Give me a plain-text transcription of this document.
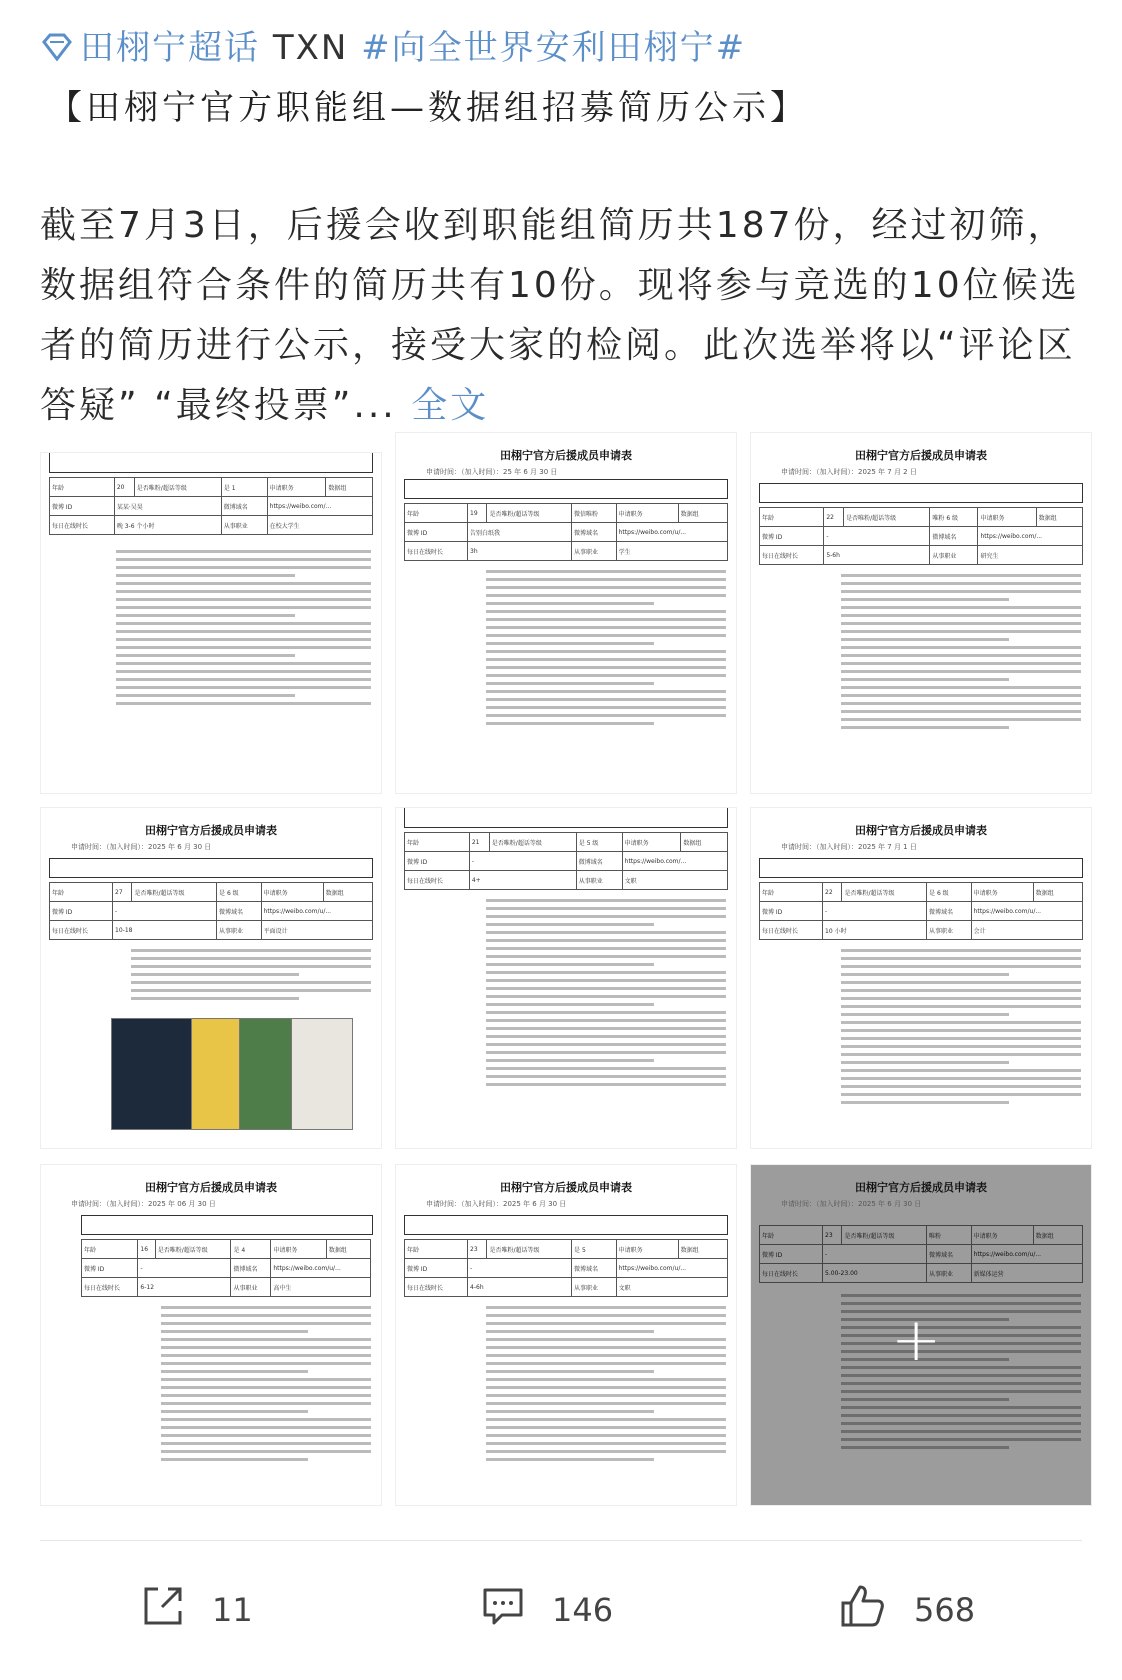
田栩宁超话 TXN #向全世界安利田栩宁#
【田栩宁官方职能组—数据组招募简历公示】
截至7月3日，后援会收到职能组简历共187份，经过初筛，数据组符合条件的简历共有10份。现将参与竞选的10位候选者的简历进行公示，接受大家的检阅。此次选举将以“评论区答疑” “最终投票”... 全文
年龄	20	是否唯粉/超话等级	是 1	申请职务	数据组
微博 ID	某某·吴昊		微博域名	https://weibo.com/...	
每日在线时长	晚 3-6 个小时		从事职业	在校大学生	
田栩宁官方后援成员申请表
申请时间：（加入时间）：25 年 6 月 30 日
年龄	19	是否唯粉/超话等级	微信唯粉	申请职务	数据组
微博 ID	告别白纸我		微博域名	https://weibo.com/u/...	
每日在线时长	3h		从事职业	学生	
田栩宁官方后援成员申请表
申请时间：（加入时间）：2025 年 7 月 2 日
年龄	22	是否唯粉/超话等级	唯粉 6 级	申请职务	数据组
微博 ID	-		微博域名	https://weibo.com/...	
每日在线时长	5-6h		从事职业	研究生	
田栩宁官方后援成员申请表
申请时间：（加入时间）：2025 年 6 月 30 日
年龄	27	是否唯粉/超话等级	是 6 级	申请职务	数据组
微博 ID	-		微博域名	https://weibo.com/u/...	
每日在线时长	10-18		从事职业	平面设计	
年龄	21	是否唯粉/超话等级	是 5 级	申请职务	数据组
微博 ID	-		微博域名	https://weibo.com/...	
每日在线时长	4+		从事职业	文职	
田栩宁官方后援成员申请表
申请时间：（加入时间）：2025 年 7 月 1 日
年龄	22	是否唯粉/超话等级	是 6 级	申请职务	数据组
微博 ID	-		微博域名	https://weibo.com/u/...	
每日在线时长	10 小时		从事职业	会计	
田栩宁官方后援成员申请表
申请时间：（加入时间）：2025 年 06 月 30 日
年龄	16	是否唯粉/超话等级	是 4	申请职务	数据组
微博 ID	-		微博域名	https://weibo.com/u/...	
每日在线时长	6-12		从事职业	高中生	
田栩宁官方后援成员申请表
申请时间：（加入时间）：2025 年 6 月 30 日
年龄	23	是否唯粉/超话等级	是 5	申请职务	数据组
微博 ID	-		微博域名	https://weibo.com/u/...	
每日在线时长	4-6h		从事职业	文职	
田栩宁官方后援成员申请表
申请时间：（加入时间）：2025 年 6 月 30 日
年龄	23	是否唯粉/超话等级	唯粉	申请职务	数据组
微博 ID	-		微博域名	https://weibo.com/u/...	
每日在线时长	5.00-23.00		从事职业	新媒体运营	
+
11	146	568
